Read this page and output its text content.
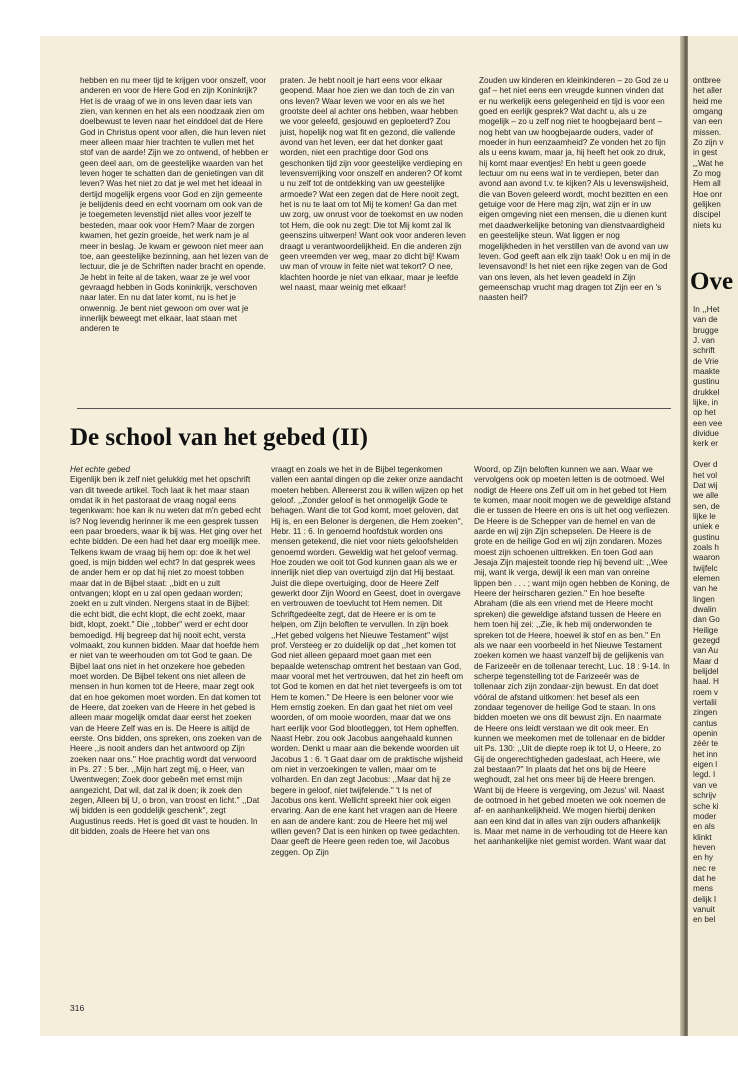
hebben en nu meer tijd te krijgen voor onszelf, voor anderen en voor de Here God en zijn Koninkrijk? Het is de vraag of we in ons leven daar iets van zien, van kennen en het als een noodzaak zien om doelbewust te leven naar het einddoel dat de Here God in Christus opent voor allen, die hun leven niet meer alleen maar hier trachten te vullen met het stof van de aarde! Zijn we zo ontwend, of hebben er geen deel aan, om de geestelijke waarden van het leven hoger te schatten dan de genietingen van dit leven? Was het niet zo dat je wel met het ideaal in dertijd mogelijk ergens voor God en zijn gemeente je belijdenis deed en echt voornam om ook van de je toegemeten levenstijd niet alles voor jezelf te besteden, maar ook voor Hem? Maar de zorgen kwamen, het gezin groeide, het werk nam je al meer in beslag. Je kwam er gewoon niet meer aan toe, aan geestelijke bezinning, aan het lezen van de lectuur, die je de Schriften nader bracht en opende. Je hebt in feite al de taken, waar ze je wel voor gevraagd hebben in Gods koninkrijk, verschoven naar later. En nu dat later komt, nu is het je onwennig. Je bent niet gewoon om over wat je innerlijk beweegt met elkaar, laat staan met anderen te

praten. Je hebt nooit je hart eens voor elkaar geopend. Maar hoe zien we dan toch de zin van ons leven? Waar leven we voor en als we het grootste deel al achter ons hebben, waar hebben we voor geleefd, gesjouwd en geploeterd? Zou juist, hopelijk nog wat fit en gezond, die vallende avond van het leven, eer dat het donker gaat worden, niet een prachtige door God ons geschonken tijd zijn voor geestelijke verdieping en levensverrijking voor onszelf en anderen? Of komt u nu zelf tot de ontdekking van uw geestelijke armoede? Wat een zegen dat de Here nooit zegt, het is nu te laat om tot Mij te komen! Ga dan met uw zorg, uw onrust voor de toekomst en uw noden tot Hem, die ook nu zegt: Die tot Mij komt zal Ik geenszins uitwerpen! Want ook voor anderen leven draagt u verantwoordelijkheid. En die anderen zijn geen vreemden ver weg, maar zo dicht bij! Kwam uw man of vrouw in feite niet wat tekort? O nee, klachten hoorde je niet van elkaar, maar je leefde wel naast, maar weinig met elkaar!

Zouden uw kinderen en kleinkinderen – zo God ze u gaf – het niet eens een vreugde kunnen vinden dat er nu werkelijk eens gelegenheid en tijd is voor een goed en eerlijk gesprek? Wat dacht u, als u ze mogelijk – zo u zelf nog niet te hoogbejaard bent – nog hebt van uw hoogbejaarde ouders, vader of moeder in hun eenzaamheid? Ze vonden het zo fijn als u eens kwam, maar ja, hij heeft het ook zo druk, hij komt maar eventjes! En hebt u geen goede lectuur om nu eens wat in te verdiepen, beter dan avond aan avond t.v. te kijken? Als u levenswijsheid, die van Boven geleerd wordt, mocht bezitten en een getuige voor de Here mag zijn, wat zijn er in uw eigen omgeving niet een mensen, die u dienen kunt met daadwerkelijke betoning van dienstvaardigheid en geestelijke steun. Wat liggen er nog mogelijkheden in het verstillen van de avond van uw leven. God geeft aan elk zijn taak! Ook u en mij in de levensavond! Is het niet een rijke zegen van de God van ons leven, als het leven geadeld in Zijn gemeenschap vrucht mag dragen tot Zijn eer en 's naasten heil?

De school van het gebed (II)

Het echte gebed

Eigenlijk ben ik zelf niet gelukkig met het opschrift van dit tweede artikel. Toch laat ik het maar staan omdat ik in het pastoraat de vraag nogal eens tegenkwam: hoe kan ik nu weten dat m'n gebed echt is? Nog levendig herinner ik me een gesprek tussen een paar broeders, waar ik bij was. Het ging over het echte bidden. De een had het daar erg moeilijk mee. Telkens kwam de vraag bij hem op: doe ik het wel goed, is mijn bidden wel echt? In dat gesprek wees de ander hem er op dat hij niet zo moest tobben maar dat in de Bijbel staat: ,,bidt en u zult ontvangen; klopt en u zal open gedaan worden; zoekt en u zult vinden. Nergens staat in de Bijbel: die echt bidt, die echt klopt, die echt zoekt, maar bidt, klopt, zoekt.'' Die ,,tobber'' werd er echt door bemoedigd. Hij begreep dat hij nooit echt, versta volmaakt, zou kunnen bidden. Maar dat hoefde hem er niet van te weerhouden om tot God te gaan. De Bijbel laat ons niet in het onzekere hoe gebeden moet worden. De Bijbel tekent ons niet alleen de mensen in hun komen tot de Heere, maar zegt ook dat en hoe gekomen moet worden. En dat komen tot de Heere, dat zoeken van de Heere in het gebed is alleen maar mogelijk omdat daar eerst het zoeken van de Heere Zelf was en is. De Heere is altijd de eerste. Ons bidden, ons spreken, ons zoeken van de Heere ,,is nooit anders dan het antwoord op Zijn zoeken naar ons.'' Hoe prachtig wordt dat verwoord in Ps. 27 : 5 ber. ,,Mijn hart zegt mij, o Heer, van Uwentwegen; Zoek door gebeên met ernst mijn aangezicht, Dat wil, dat zal ik doen; ik zoek den zegen, Alleen bij U, o bron, van troost en licht.'' ,,Dat wij bidden is een goddelijk geschenk'', zegt Augustinus reeds. Het is goed dit vast te houden. In dit bidden, zoals de Heere het van ons

vraagt en zoals we het in de Bijbel tegenkomen vallen een aantal dingen op die zeker onze aandacht moeten hebben. Allereerst zou ik willen wijzen op het geloof. ,,Zonder geloof is het onmogelijk Gode te behagen. Want die tot God komt, moet geloven, dat Hij is, en een Beloner is dergenen, die Hem zoeken'', Hebr. 11 : 6. In genoemd hoofdstuk worden ons mensen getekend, die niet voor niets geloofshelden genoemd worden. Geweldig wat het geloof vermag. Hoe zouden we ooit tot God kunnen gaan als we er innerlijk niet diep van overtuigd zijn dat Hij bestaat. Juist die diepe overtuiging, door de Heere Zelf gewerkt door Zijn Woord en Geest, doet in overgave en vertrouwen de toevlucht tot Hem nemen. Dit Schriftgedeelte zegt, dat de Heere er is om te helpen, om Zijn beloften te vervullen. In zijn boek ,,Het gebed volgens het Nieuwe Testament'' wijst prof. Versteeg er zo duidelijk op dat ,,het komen tot God niet alleen gepaard moet gaan met een bepaalde wetenschap omtrent het bestaan van God, maar vooral met het vertrouwen, dat het zin heeft om tot God te komen en dat het niet tevergeefs is om tot Hem te komen.'' De Heere is een beloner voor wie Hem ernstig zoeken. En dan gaat het niet om veel woorden, of om mooie woorden, maar dat we ons hart eerlijk voor God blootleggen, tot Hem opheffen. Naast Hebr. zou ook Jacobus aangehaald kunnen worden. Denkt u maar aan die bekende woorden uit Jacobus 1 : 6. 't Gaat daar om de praktische wijsheid om niet in verzoekingen te vallen, maar om te volharden. En dan zegt Jacobus: ,,Maar dat hij ze begere in geloof, niet twijfelende.'' 't Is net of Jacobus ons kent. Wellicht spreekt hier ook eigen ervaring. Aan de ene kant het vragen aan de Heere en aan de andere kant: zou de Heere het mij wel willen geven? Dat is een hinken op twee gedachten. Daar geeft de Heere geen reden toe, wil Jacobus zeggen. Op Zijn

Woord, op Zijn beloften kunnen we aan. Waar we vervolgens ook op moeten letten is de ootmoed. Wel nodigt de Heere ons Zelf uit om in het gebed tot Hem te komen, maar nooit mogen we de geweldige afstand die er tussen de Heere en ons is uit het oog verliezen. De Heere is de Schepper van de hemel en van de aarde en wij zijn Zijn schepselen. De Heere is de grote en de heilige God en wij zijn zondaren. Mozes moest zijn schoenen uittrekken. En toen God aan Jesaja Zijn majesteit toonde riep hij bevend uit: ,,Wee mij, want ik verga, dewijl ik een man van onreine lippen ben . . . ; want mijn ogen hebben de Koning, de Heere der heirscharen gezien.'' En hoe besefte Abraham (die als een vriend met de Heere mocht spreken) die geweldige afstand tussen de Heere en hem toen hij zei: ,,Zie, ik heb mij onderwonden te spreken tot de Heere, hoewel ik stof en as ben.'' En als we naar een voorbeeld in het Nieuwe Testament zoeken komen we haast vanzelf bij de gelijkenis van de Farizeeër en de tollenaar terecht, Luc. 18 : 9-14. In scherpe tegenstelling tot de Farizeeër was de tollenaar zich zijn zondaar-zijn bewust. En dat doet vóóral de afstand uitkomen: het besef als een zondaar tegenover de heilige God te staan. In ons bidden moeten we ons dit bewust zijn. En naarmate de Heere ons leidt verstaan we dit ook meer. En kunnen we meekomen met de tollenaar en de bidder uit Ps. 130: ,,Uit de diepte roep ik tot U, o Heere, zo Gij de ongerechtigheden gadeslaat, ach Heere, wie zal bestaan?'' In plaats dat het ons bij de Heere weghoudt, zal het ons meer bij de Heere brengen. Want bij de Heere is vergeving, om Jezus' wil. Naast de ootmoed in het gebed moeten we ook noemen de af- en aanhankelijkheid. We mogen hierbij denken aan een kind dat in alles van zijn ouders afhankelijk is. Maar met name in de verhouding tot de Heere kan het aanhankelijke niet gemist worden. Want waar dat

316
Ove
ontbree
het aller
heid me
omgang
van een
missen.
Zo zijn v
in gest
„,Wat he
Zo mog
Hem all
Hoe onr
gelijken
discipel
niets ku
In ,,Het
van de
brugge
J. van
schrift
de Vrie
maakte
gustinu
drukkel
lijke, in
op het
een vee
dividue
kerk er

Over d
het vol
Dat wij
we alle
sen, de
lijke le
uniek e
gustinu
zoals h
waaron
twijfelc
elemen
van he
lingen
dwalin
dan Go
Heilige
gezegd
van Au
Maar d
belijdel
haal. H
roem v
vertalii
zingen
cantus
openin
zéér te
het inn
eigen l
legd. I
van ve
schrijv
sche ki
moder
en als
klinkt
heven
en hy
nec re
dat he
mens
delijk I
vanuit
en bel
